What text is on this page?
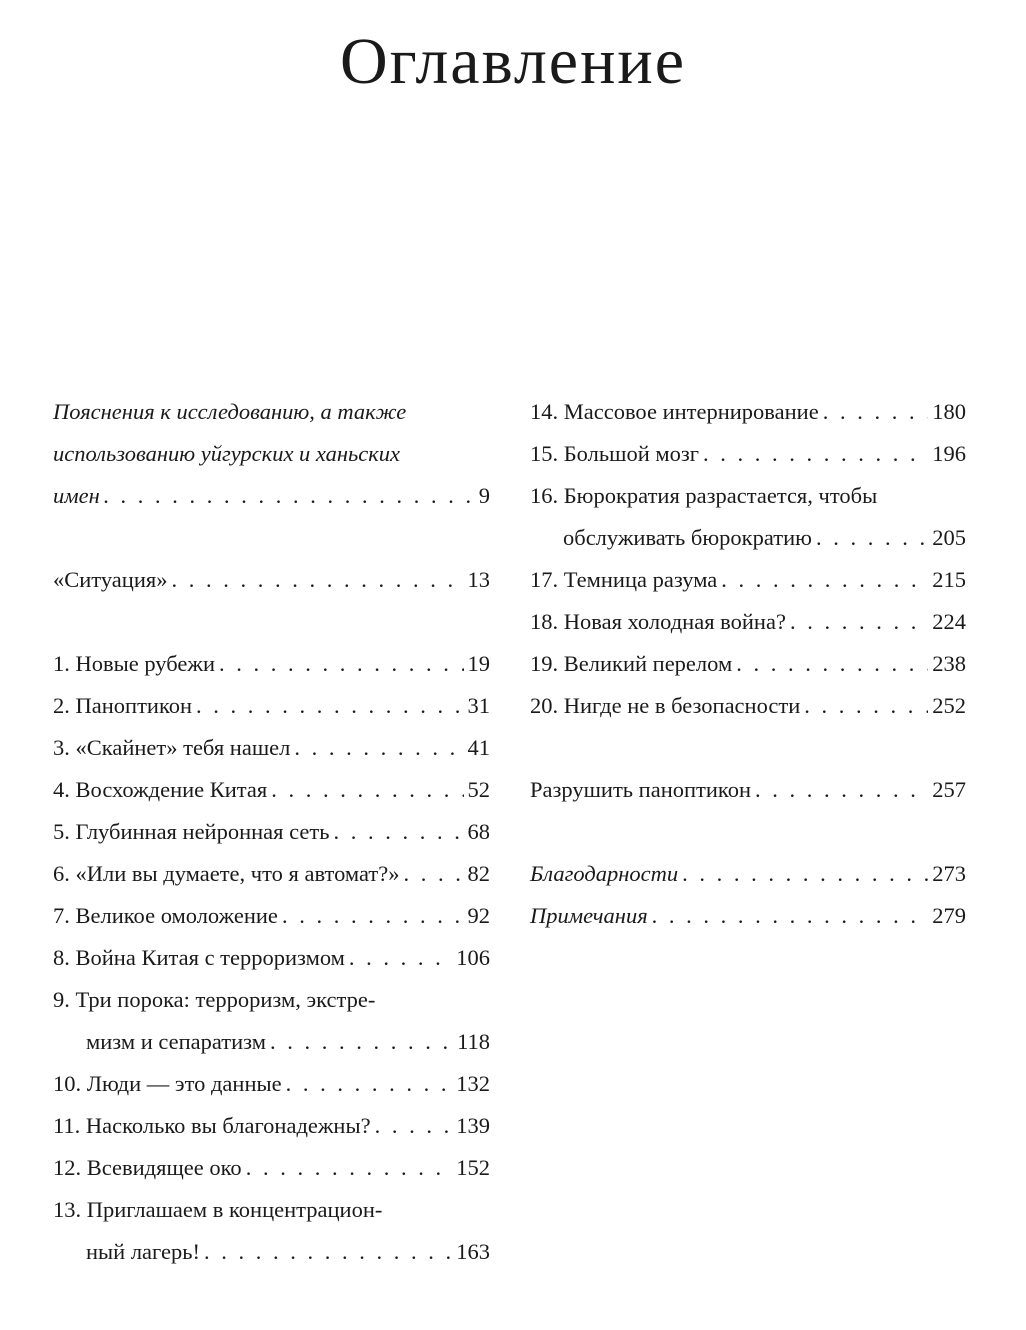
Оглавление
Пояснения к исследованию, а также
использованию уйгурских и ханьских
имен . . .	9
«Ситуация» . . .	13
1. Новые рубежи . . .	19
2. Паноптикон . . .	31
3. «Скайнет» тебя нашел . . .	41
4. Восхождение Китая . . .	52
5. Глубинная нейронная сеть . . .	68
6. «Или вы думаете, что я автомат?» . . .	82
7. Великое омоложение . . .	92
8. Война Китая с терроризмом . . .	106
9. Три порока: терроризм, экстре-
мизм и сепаратизм . . .	118
10. Люди — это данные . . .	132
11. Насколько вы благонадежны? . . .	139
12. Всевидящее око . . .	152
13. Приглашаем в концентрацион-
ный лагерь! . . .	163
14. Массовое интернирование . . .	180
15. Большой мозг . . .	196
16. Бюрократия разрастается, чтобы
обслуживать бюрократию . . .	205
17. Темница разума . . .	215
18. Новая холодная война? . . .	224
19. Великий перелом . . .	238
20. Нигде не в безопасности . . .	252
Разрушить паноптикон . . .	257
Благодарности . . .	273
Примечания . . .	279
